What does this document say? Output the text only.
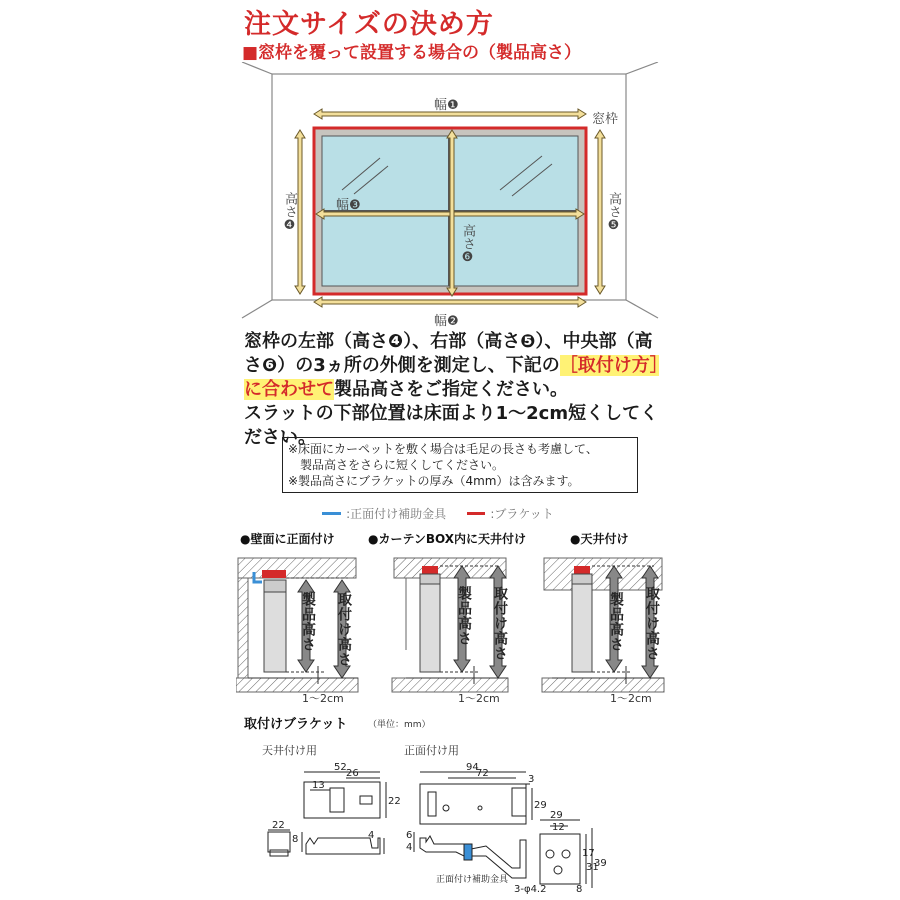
注文サイズの決め方
■窓枠を覆って設置する場合の（製品高さ）
幅❶
幅❷
幅❸
高さ❹	高さ❺
高さ❻
窓枠
窓枠の左部（高さ❹）、右部（高さ❺）、中央部（高さ❻）の3ヵ所の外側を測定し、下記の［取付け方］に合わせて製品高さをご指定ください。
スラットの下部位置は床面より1～2cm短くしてください。
※床面にカーペットを敷く場合は毛足の長さも考慮して、
　製品高さをさらに短くしてください。
※製品高さにブラケットの厚み（4mm）は含みます。
:正面付け補助金具	:ブラケット
●壁面に正面付け	●カーテンBOX内に天井付け	●天井付け
製品高さ 取付け高さ
1～2cm
製品高さ 取付け高さ
1～2cm
製品高さ 取付け高さ
1～2cm
取付けブラケット （単位：mm）
天井付け用	正面付け用
正面付け補助金具
52
26
13
22
22
8	4
94
72
3
29
6
4
29
12
17
31
39
8
3-φ4.2
